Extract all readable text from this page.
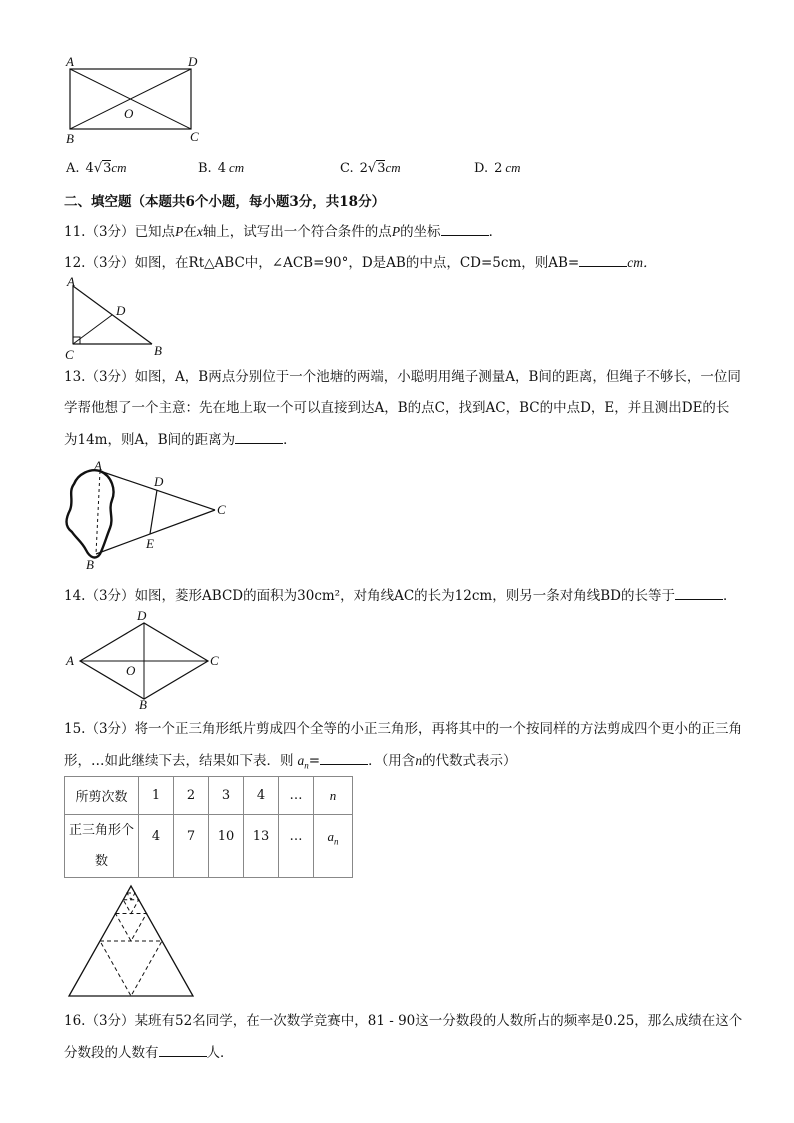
A	D
B	C
O
A. 4√3cm	B. 4 cm	C. 2√3cm	D. 2 cm
二、填空题（本题共6个小题，每小题3分，共18分）
11.（3分）已知点P在x轴上，试写出一个符合条件的点P的坐标	．
12.（3分）如图，在Rt△ABC中，∠ACB=90°，D是AB的中点，CD=5cm，则AB=	cm．
A
D
C	B
13.（3分）如图，A，B两点分别位于一个池塘的两端，小聪明用绳子测量A，B间的距离，但绳子不够长，一位同
学帮他想了一个主意：先在地上取一个可以直接到达A，B的点C，找到AC，BC的中点D，E，并且测出DE的长
为14m，则A，B间的距离为	．
A
D
C
E
B
14.（3分）如图，菱形ABCD的面积为30cm²，对角线AC的长为12cm，则另一条对角线BD的长等于	．
D
A
O
C
B
15.（3分）将一个正三角形纸片剪成四个全等的小正三角形，再将其中的一个按同样的方法剪成四个更小的正三角
形，…如此继续下去，结果如下表．则 $a_n=$	．（用含n的代数式表示）
所剪次数	1	2	3	4	…	n

正三角形个
数	4	7	10	13	…	$a_n$
16.（3分）某班有52名同学，在一次数学竞赛中，81 - 90这一分数段的人数所占的频率是0.25，那么成绩在这个
分数段的人数有	人．
